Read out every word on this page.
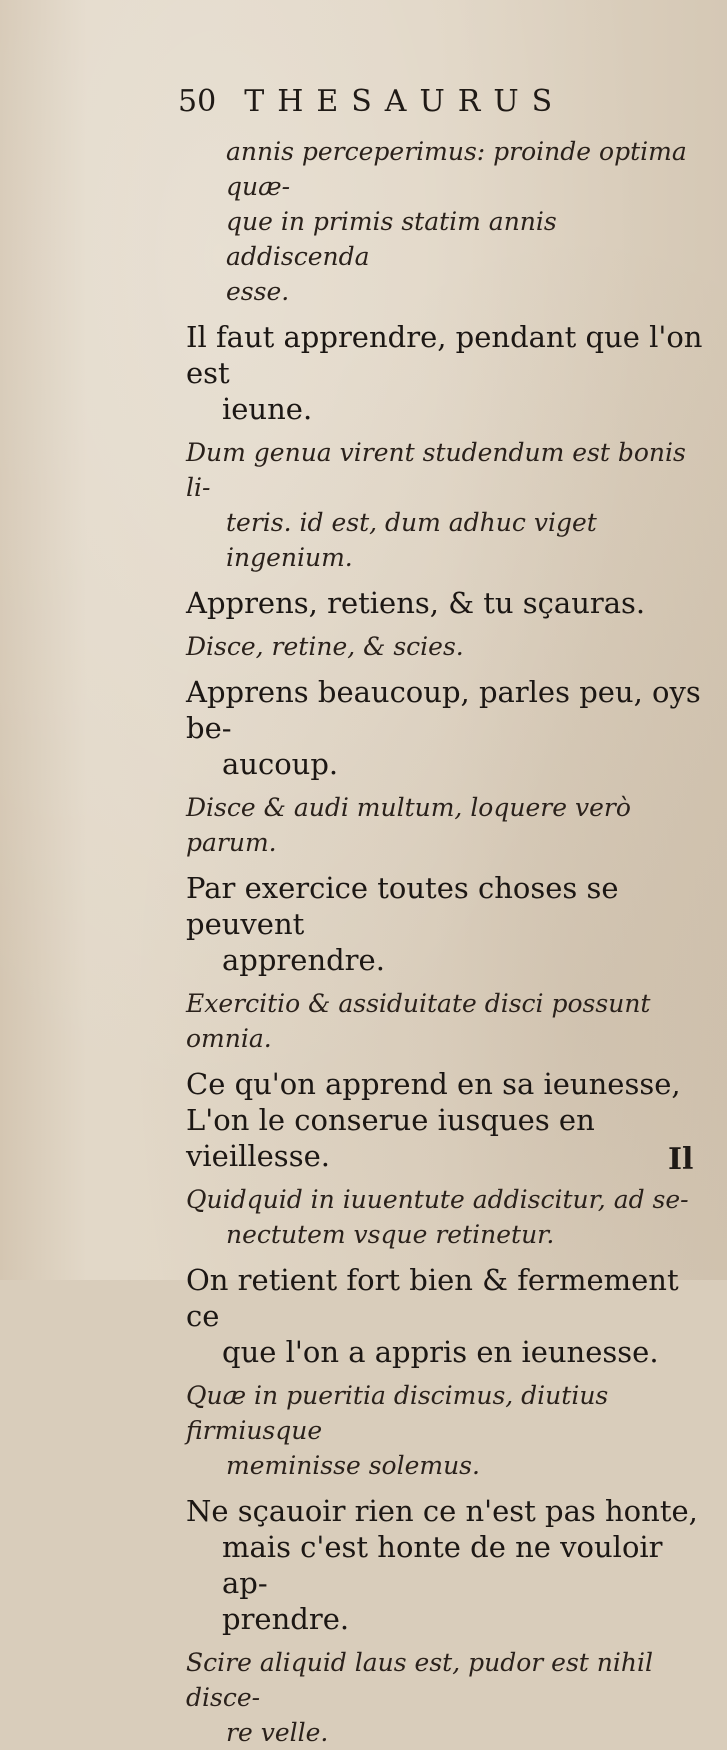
50 THESAURUS
annis perceperimus: proinde optima quæ-
que in primis statim annis addiscenda
esse.
Il faut apprendre, pendant que l'on est
ieune.
Dum genua virent studendum est bonis li-
teris. id est, dum adhuc viget ingenium.
Apprens, retiens, & tu sçauras.
Disce, retine, & scies.
Apprens beaucoup, parles peu, oys be-
aucoup.
Disce & audi multum, loquere verò parum.
Par exercice toutes choses se peuvent
apprendre.
Exercitio & assiduitate disci possunt omnia.
Ce qu'on apprend en sa ieunesse,
L'on le conserue iusques en vieillesse.
Quidquid in iuuentute addiscitur, ad se-
nectutem vsque retinetur.
On retient fort bien & fermement ce
que l'on a appris en ieunesse.
Quæ in pueritia discimus, diutius firmiusque
meminisse solemus.
Ne sçauoir rien ce n'est pas honte,
mais c'est honte de ne vouloir ap-
prendre.
Scire aliquid laus est, pudor est nihil disce-
re velle.
Il
